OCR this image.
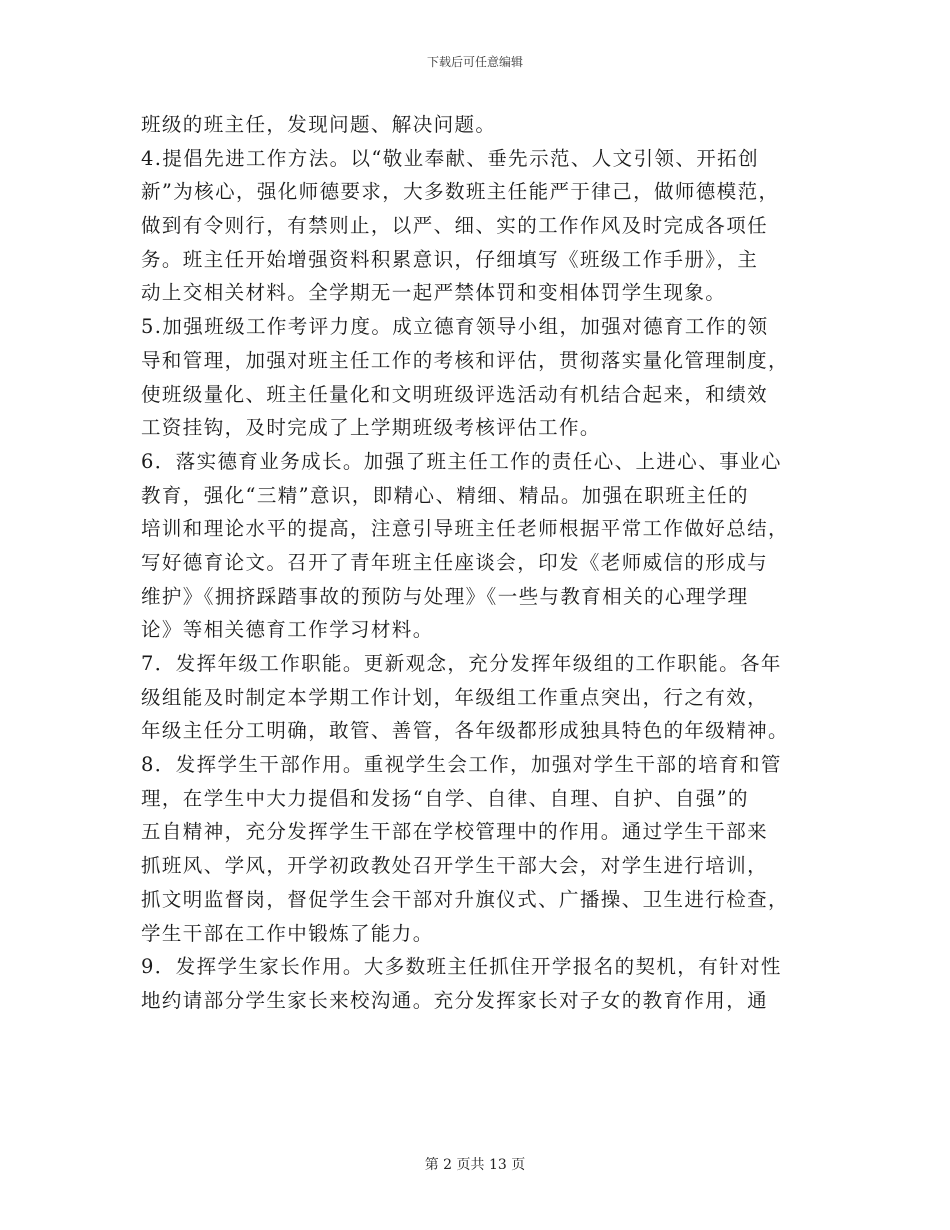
下载后可任意编辑
班级的班主任，发现问题、解决问题。
4.提倡先进工作方法。以“敬业奉献、垂先示范、人文引领、开拓创
新”为核心，强化师德要求，大多数班主任能严于律己，做师德模范，
做到有令则行，有禁则止，以严、细、实的工作作风及时完成各项任
务。班主任开始增强资料积累意识，仔细填写《班级工作手册》，主
动上交相关材料。全学期无一起严禁体罚和变相体罚学生现象。
5.加强班级工作考评力度。成立德育领导小组，加强对德育工作的领
导和管理，加强对班主任工作的考核和评估，贯彻落实量化管理制度，
使班级量化、班主任量化和文明班级评选活动有机结合起来，和绩效
工资挂钩，及时完成了上学期班级考核评估工作。
6．落实德育业务成长。加强了班主任工作的责任心、上进心、事业心
教育，强化“三精”意识，即精心、精细、精品。加强在职班主任的
培训和理论水平的提高，注意引导班主任老师根据平常工作做好总结，
写好德育论文。召开了青年班主任座谈会，印发《老师威信的形成与
维护》《拥挤踩踏事故的预防与处理》《一些与教育相关的心理学理
论》等相关德育工作学习材料。
7．发挥年级工作职能。更新观念，充分发挥年级组的工作职能。各年
级组能及时制定本学期工作计划，年级组工作重点突出，行之有效，
年级主任分工明确，敢管、善管，各年级都形成独具特色的年级精神。
8．发挥学生干部作用。重视学生会工作，加强对学生干部的培育和管
理，在学生中大力提倡和发扬“自学、自律、自理、自护、自强”的
五自精神，充分发挥学生干部在学校管理中的作用。通过学生干部来
抓班风、学风，开学初政教处召开学生干部大会，对学生进行培训，
抓文明监督岗，督促学生会干部对升旗仪式、广播操、卫生进行检查，
学生干部在工作中锻炼了能力。
9．发挥学生家长作用。大多数班主任抓住开学报名的契机，有针对性
地约请部分学生家长来校沟通。充分发挥家长对子女的教育作用，通
第 2 页共 13 页
